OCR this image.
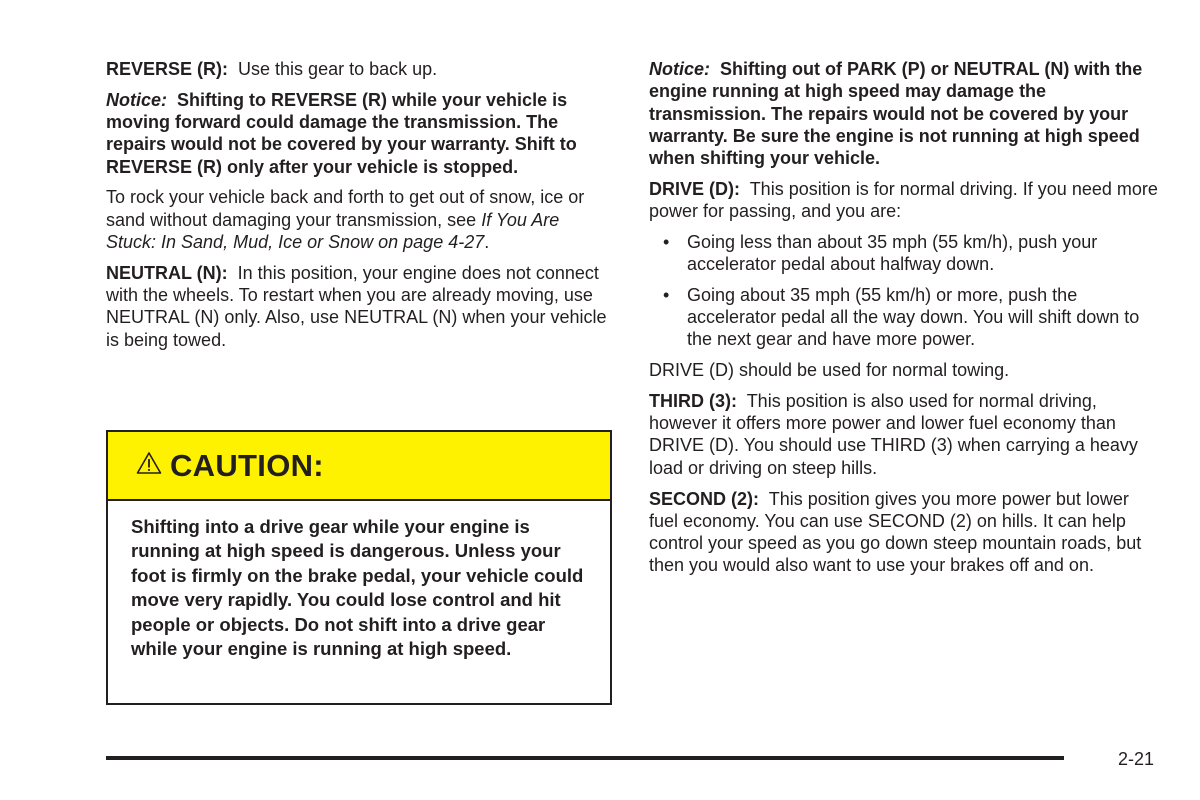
REVERSE (R): Use this gear to back up.

Notice: Shifting to REVERSE (R) while your vehicle is moving forward could damage the transmission. The repairs would not be covered by your warranty. Shift to REVERSE (R) only after your vehicle is stopped.

To rock your vehicle back and forth to get out of snow, ice or sand without damaging your transmission, see If You Are Stuck: In Sand, Mud, Ice or Snow on page 4-27.

NEUTRAL (N): In this position, your engine does not connect with the wheels. To restart when you are already moving, use NEUTRAL (N) only. Also, use NEUTRAL (N) when your vehicle is being towed.

CAUTION:

Shifting into a drive gear while your engine is running at high speed is dangerous. Unless your foot is firmly on the brake pedal, your vehicle could move very rapidly. You could lose control and hit people or objects. Do not shift into a drive gear while your engine is running at high speed.

Notice: Shifting out of PARK (P) or NEUTRAL (N) with the engine running at high speed may damage the transmission. The repairs would not be covered by your warranty. Be sure the engine is not running at high speed when shifting your vehicle.

DRIVE (D): This position is for normal driving. If you need more power for passing, and you are:

• Going less than about 35 mph (55 km/h), push your accelerator pedal about halfway down.
• Going about 35 mph (55 km/h) or more, push the accelerator pedal all the way down. You will shift down to the next gear and have more power.

DRIVE (D) should be used for normal towing.

THIRD (3): This position is also used for normal driving, however it offers more power and lower fuel economy than DRIVE (D). You should use THIRD (3) when carrying a heavy load or driving on steep hills.

SECOND (2): This position gives you more power but lower fuel economy. You can use SECOND (2) on hills. It can help control your speed as you go down steep mountain roads, but then you would also want to use your brakes off and on.

2-21
